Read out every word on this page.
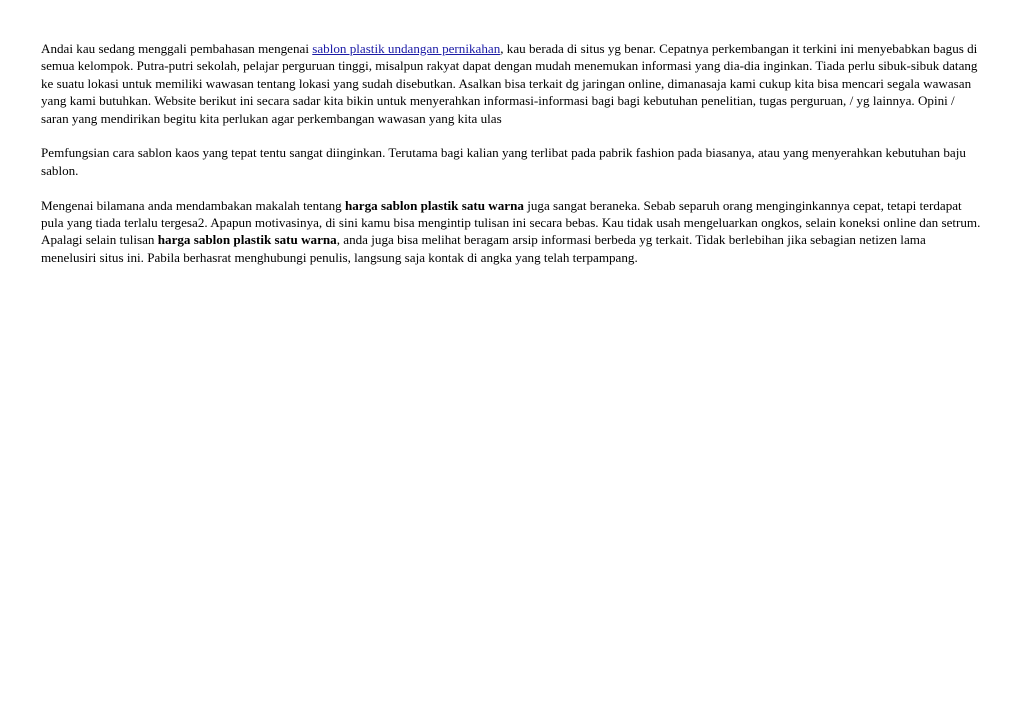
Andai kau sedang menggali pembahasan mengenai sablon plastik undangan pernikahan, kau berada di situs yg benar. Cepatnya perkembangan it terkini ini menyebabkan bagus di semua kelompok. Putra-putri sekolah, pelajar perguruan tinggi, misalpun rakyat dapat dengan mudah menemukan informasi yang dia-dia inginkan. Tiada perlu sibuk-sibuk datang ke suatu lokasi untuk memiliki wawasan tentang lokasi yang sudah disebutkan. Asalkan bisa terkait dg jaringan online, dimanasaja kami cukup kita bisa mencari segala wawasan yang kami butuhkan. Website berikut ini secara sadar kita bikin untuk menyerahkan informasi-informasi bagi bagi kebutuhan penelitian, tugas perguruan, / yg lainnya. Opini / saran yang mendirikan begitu kita perlukan agar perkembangan wawasan yang kita ulas

Pemfungsian cara sablon kaos yang tepat tentu sangat diinginkan. Terutama bagi kalian yang terlibat pada pabrik fashion pada biasanya, atau yang menyerahkan kebutuhan baju sablon.

Mengenai bilamana anda mendambakan makalah tentang harga sablon plastik satu warna juga sangat beraneka. Sebab separuh orang menginginkannya cepat, tetapi terdapat pula yang tiada terlalu tergesa2. Apapun motivasinya, di sini kamu bisa mengintip tulisan ini secara bebas. Kau tidak usah mengeluarkan ongkos, selain koneksi online dan setrum. Apalagi selain tulisan harga sablon plastik satu warna, anda juga bisa melihat beragam arsip informasi berbeda yg terkait. Tidak berlebihan jika sebagian netizen lama menelusiri situs ini. Pabila berhasrat menghubungi penulis, langsung saja kontak di angka yang telah terpampang.
